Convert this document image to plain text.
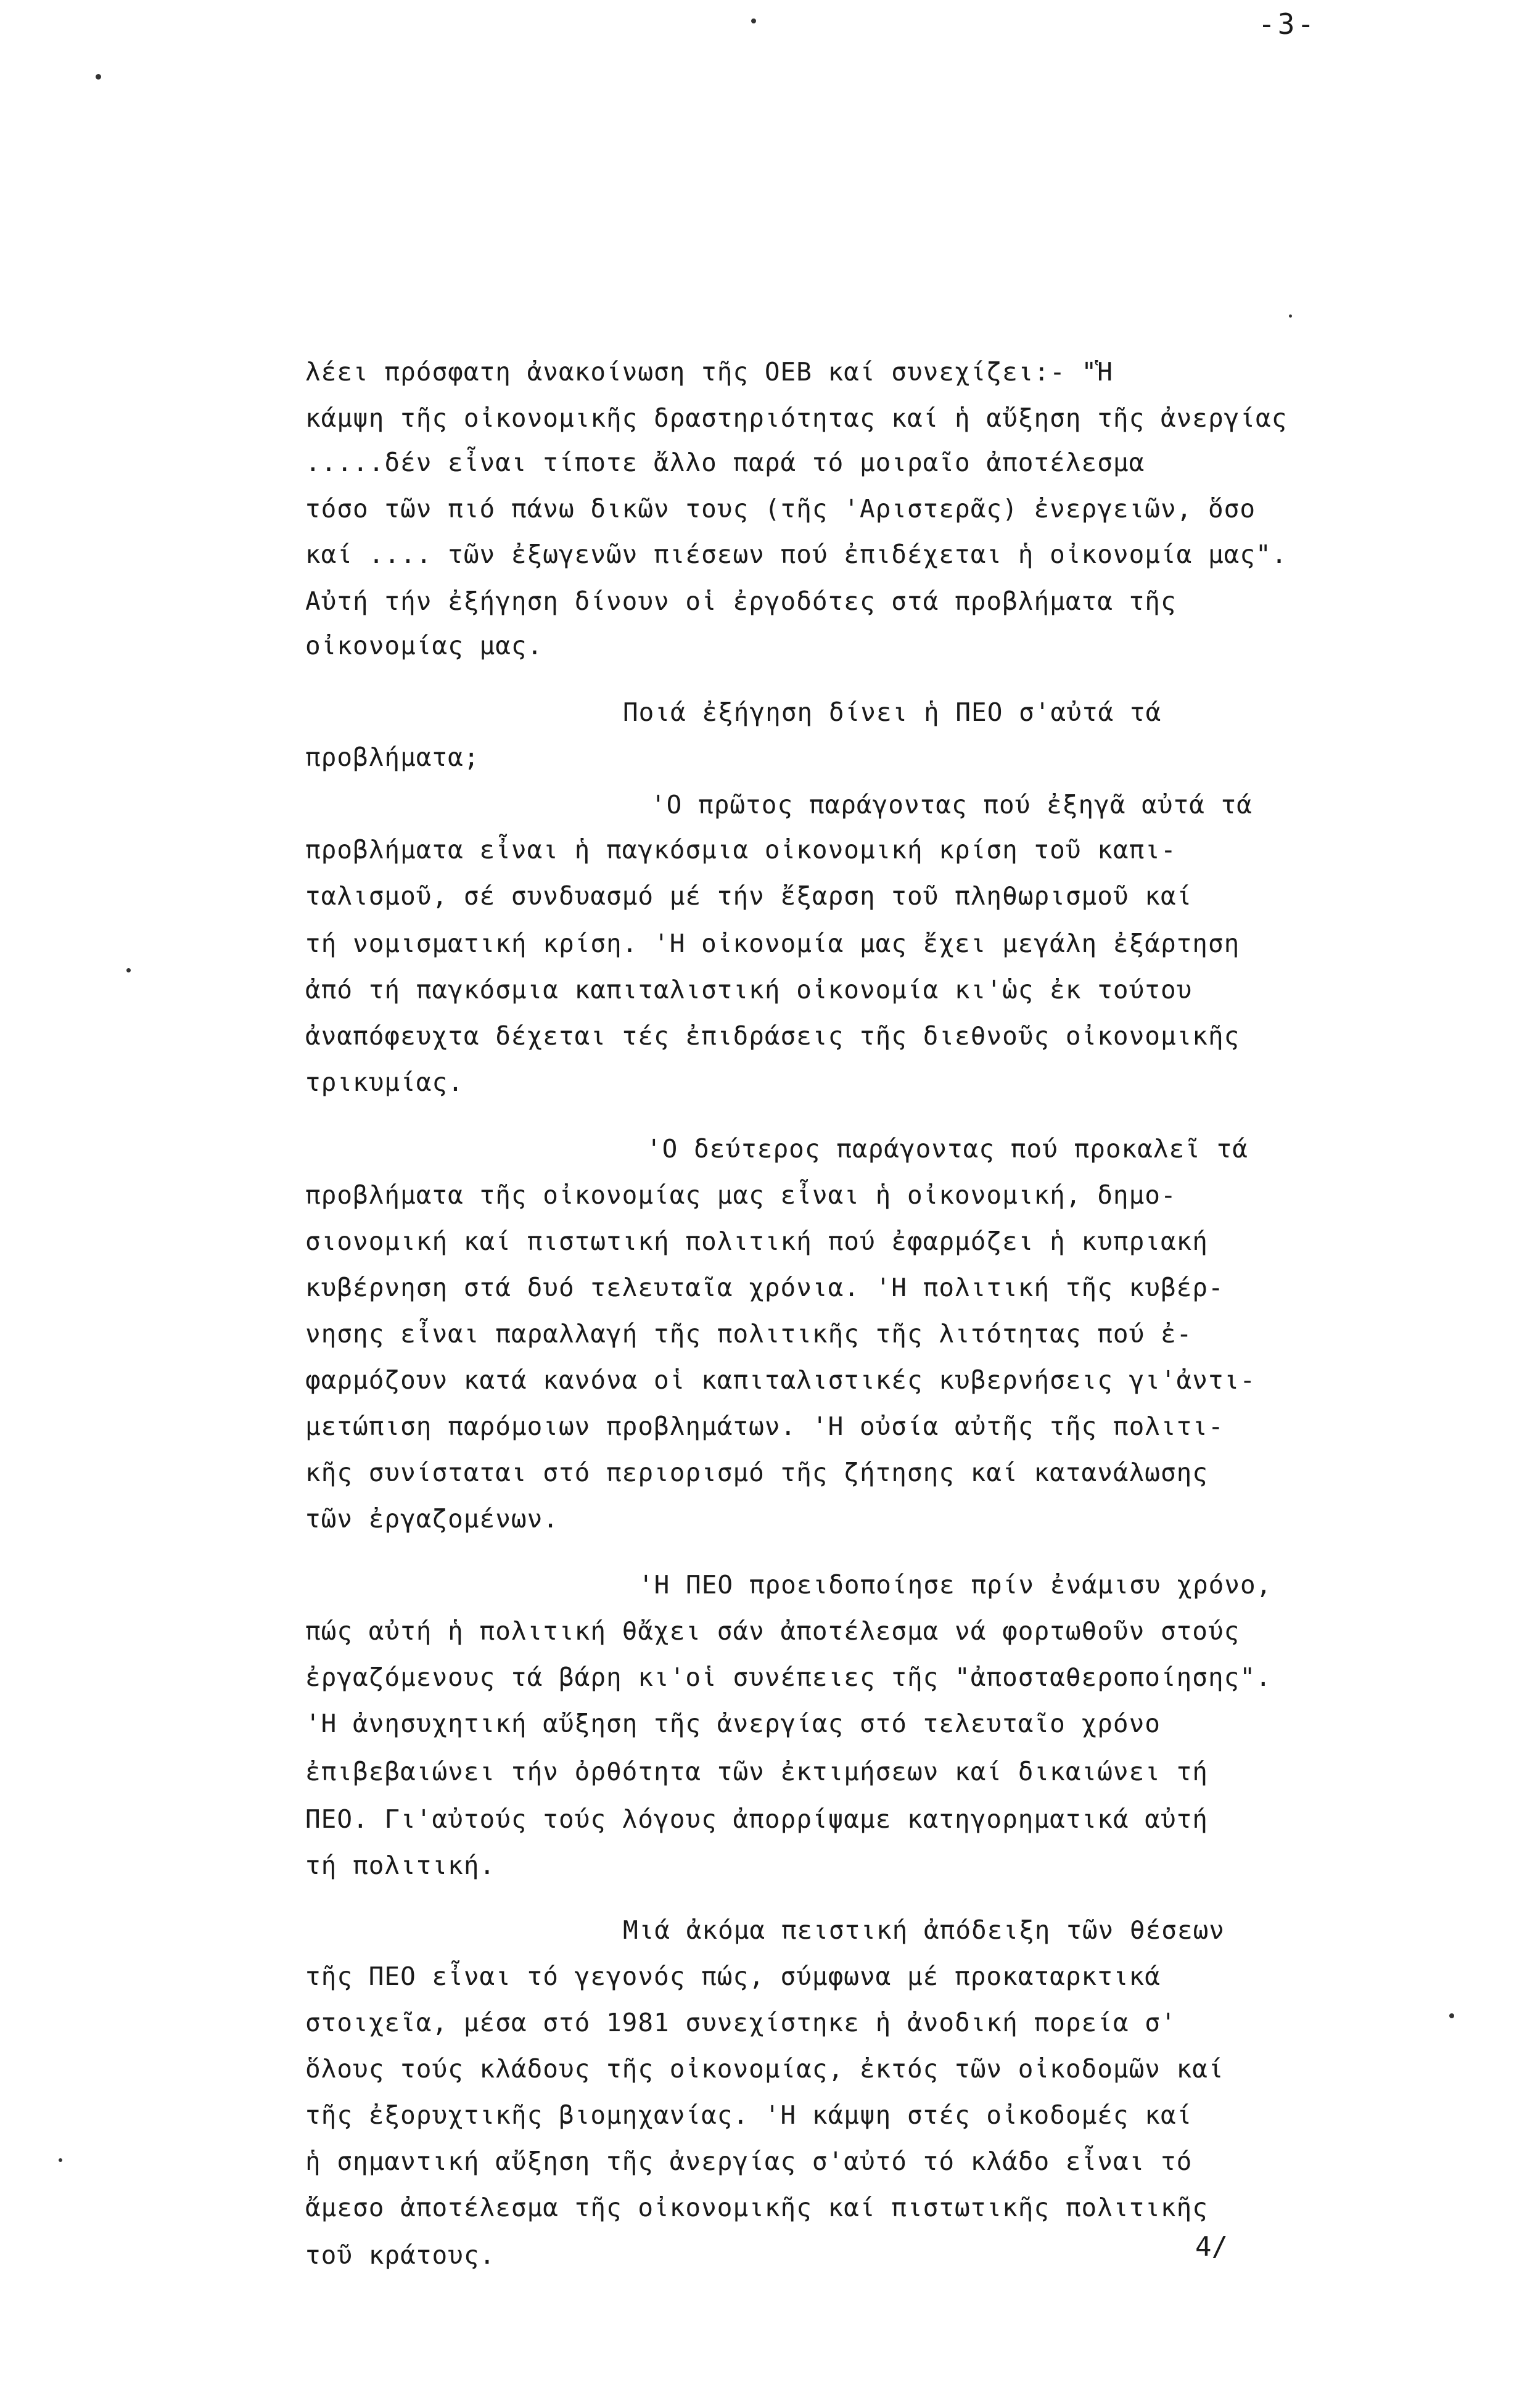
-3-
λέει πρόσφατη ἀνακοίνωση τῆς ΟΕΒ καί συνεχίζει:- "Ἡ
κάμψη τῆς οἰκονομικῆς δραστηριότητας καί ἡ αὔξηση τῆς ἀνεργίας
.....δέν εἶναι τίποτε ἄλλο παρά τό μοιραῖο ἀποτέλεσμα
τόσο τῶν πιό πάνω δικῶν τους (τῆς 'Αριστερᾶς) ἐνεργειῶν, ὅσο
καί .... τῶν ἐξωγενῶν πιέσεων πού ἐπιδέχεται ἡ οἰκονομία μας".
Αὐτή τήν ἐξήγηση δίνουν οἱ ἐργοδότες στά προβλήματα τῆς
οἰκονομίας μας.
Ποιά ἐξήγηση δίνει ἡ ΠΕΟ σ'αὐτά τά
προβλήματα;
'Ο πρῶτος παράγοντας πού ἐξηγᾶ αὐτά τά
προβλήματα εἶναι ἡ παγκόσμια οἰκονομική κρίση τοῦ καπι-
ταλισμοῦ, σέ συνδυασμό μέ τήν ἔξαρση τοῦ πληθωρισμοῦ καί
τή νομισματική κρίση. 'Η οἰκονομία μας ἔχει μεγάλη ἐξάρτηση
ἀπό τή παγκόσμια καπιταλιστική οἰκονομία κι'ὡς ἐκ τούτου
ἀναπόφευχτα δέχεται τές ἐπιδράσεις τῆς διεθνοῦς οἰκονομικῆς
τρικυμίας.
'Ο δεύτερος παράγοντας πού προκαλεῖ τά
προβλήματα τῆς οἰκονομίας μας εἶναι ἡ οἰκονομική, δημο-
σιονομική καί πιστωτική πολιτική πού ἐφαρμόζει ἡ κυπριακή
κυβέρνηση στά δυό τελευταῖα χρόνια. 'Η πολιτική τῆς κυβέρ-
νησης εἶναι παραλλαγή τῆς πολιτικῆς τῆς λιτότητας πού ἐ-
φαρμόζουν κατά κανόνα οἱ καπιταλιστικές κυβερνήσεις γι'ἀντι-
μετώπιση παρόμοιων προβλημάτων. 'Η οὐσία αὐτῆς τῆς πολιτι-
κῆς συνίσταται στό περιορισμό τῆς ζήτησης καί κατανάλωσης
τῶν ἐργαζομένων.
'Η ΠΕΟ προειδοποίησε πρίν ἐνάμισυ χρόνο,
πώς αὐτή ἡ πολιτική θἄχει σάν ἀποτέλεσμα νά φορτωθοῦν στούς
ἐργαζόμενους τά βάρη κι'οἱ συνέπειες τῆς "ἀποσταθεροποίησης".
'Η ἀνησυχητική αὔξηση τῆς ἀνεργίας στό τελευταῖο χρόνο
ἐπιβεβαιώνει τήν ὀρθότητα τῶν ἐκτιμήσεων καί δικαιώνει τή
ΠΕΟ. Γι'αὐτούς τούς λόγους ἀπορρίψαμε κατηγορηματικά αὐτή
τή πολιτική.
Μιά ἀκόμα πειστική ἀπόδειξη τῶν θέσεων
τῆς ΠΕΟ εἶναι τό γεγονός πώς, σύμφωνα μέ προκαταρκτικά
στοιχεῖα, μέσα στό 1981 συνεχίστηκε ἡ ἀνοδική πορεία σ'
ὅλους τούς κλάδους τῆς οἰκονομίας, ἐκτός τῶν οἰκοδομῶν καί
τῆς ἐξορυχτικῆς βιομηχανίας. 'Η κάμψη στές οἰκοδομές καί
ἡ σημαντική αὔξηση τῆς ἀνεργίας σ'αὐτό τό κλάδο εἶναι τό
ἄμεσο ἀποτέλεσμα τῆς οἰκονομικῆς καί πιστωτικῆς πολιτικῆς
τοῦ κράτους.	4/
